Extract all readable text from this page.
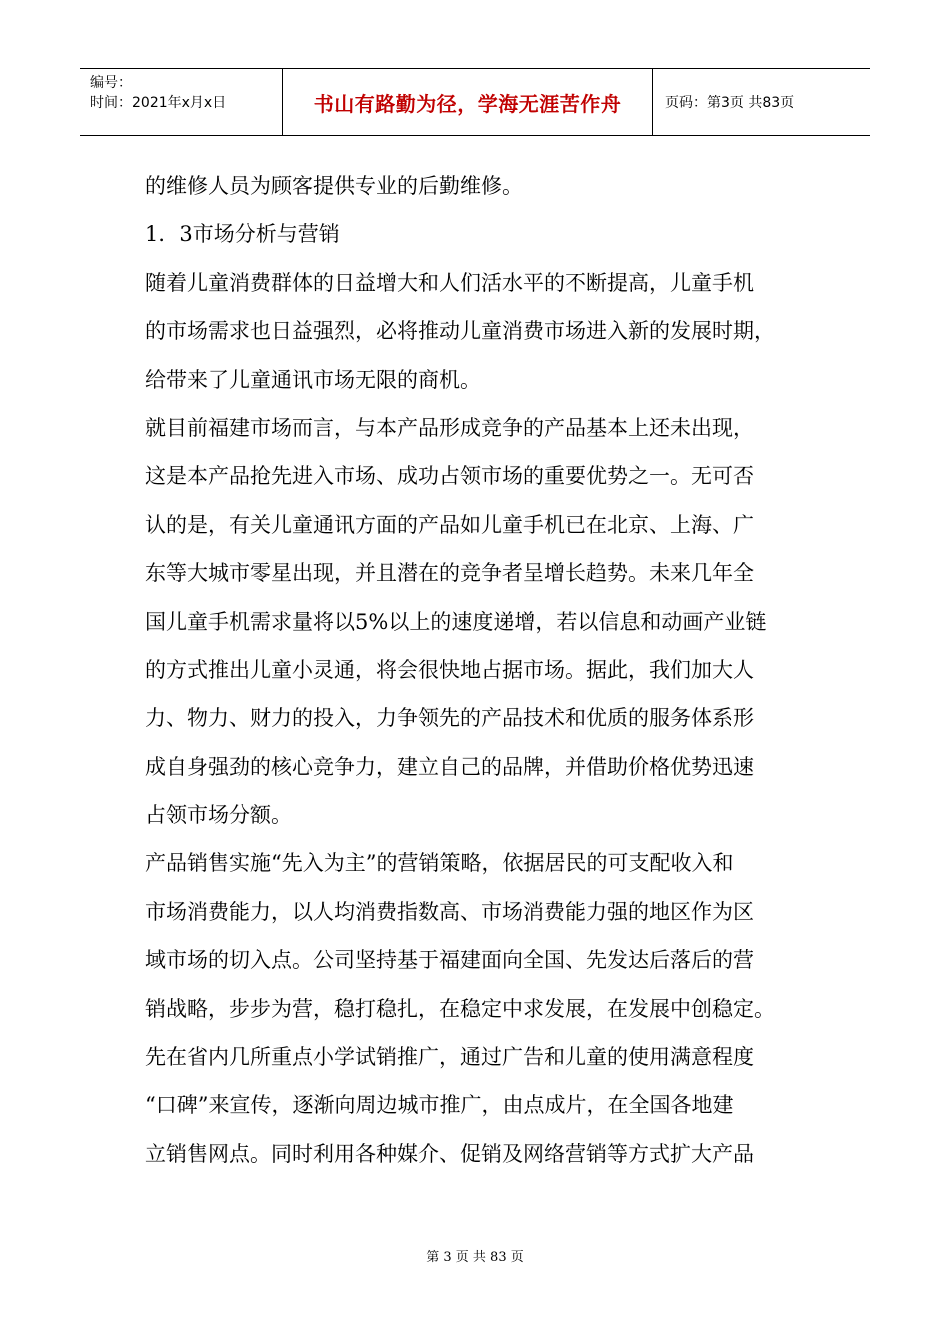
编号：
时间：2021年x月x日	书山有路勤为径，学海无涯苦作舟	页码：第3页 共83页
的维修人员为顾客提供专业的后勤维修。
1．3市场分析与营销
随着儿童消费群体的日益增大和人们活水平的不断提高，儿童手机
的市场需求也日益强烈，必将推动儿童消费市场进入新的发展时期，
给带来了儿童通讯市场无限的商机。
就目前福建市场而言，与本产品形成竞争的产品基本上还未出现，
这是本产品抢先进入市场、成功占领市场的重要优势之一。无可否
认的是，有关儿童通讯方面的产品如儿童手机已在北京、上海、广
东等大城市零星出现，并且潜在的竞争者呈增长趋势。未来几年全
国儿童手机需求量将以5%以上的速度递增，若以信息和动画产业链
的方式推出儿童小灵通，将会很快地占据市场。据此，我们加大人
力、物力、财力的投入，力争领先的产品技术和优质的服务体系形
成自身强劲的核心竞争力，建立自己的品牌，并借助价格优势迅速
占领市场分额。
产品销售实施“先入为主”的营销策略，依据居民的可支配收入和
市场消费能力，以人均消费指数高、市场消费能力强的地区作为区
域市场的切入点。公司坚持基于福建面向全国、先发达后落后的营
销战略，步步为营，稳打稳扎，在稳定中求发展，在发展中创稳定。
先在省内几所重点小学试销推广，通过广告和儿童的使用满意程度
“口碑”来宣传，逐渐向周边城市推广，由点成片，在全国各地建
立销售网点。同时利用各种媒介、促销及网络营销等方式扩大产品
第 3 页 共 83 页
